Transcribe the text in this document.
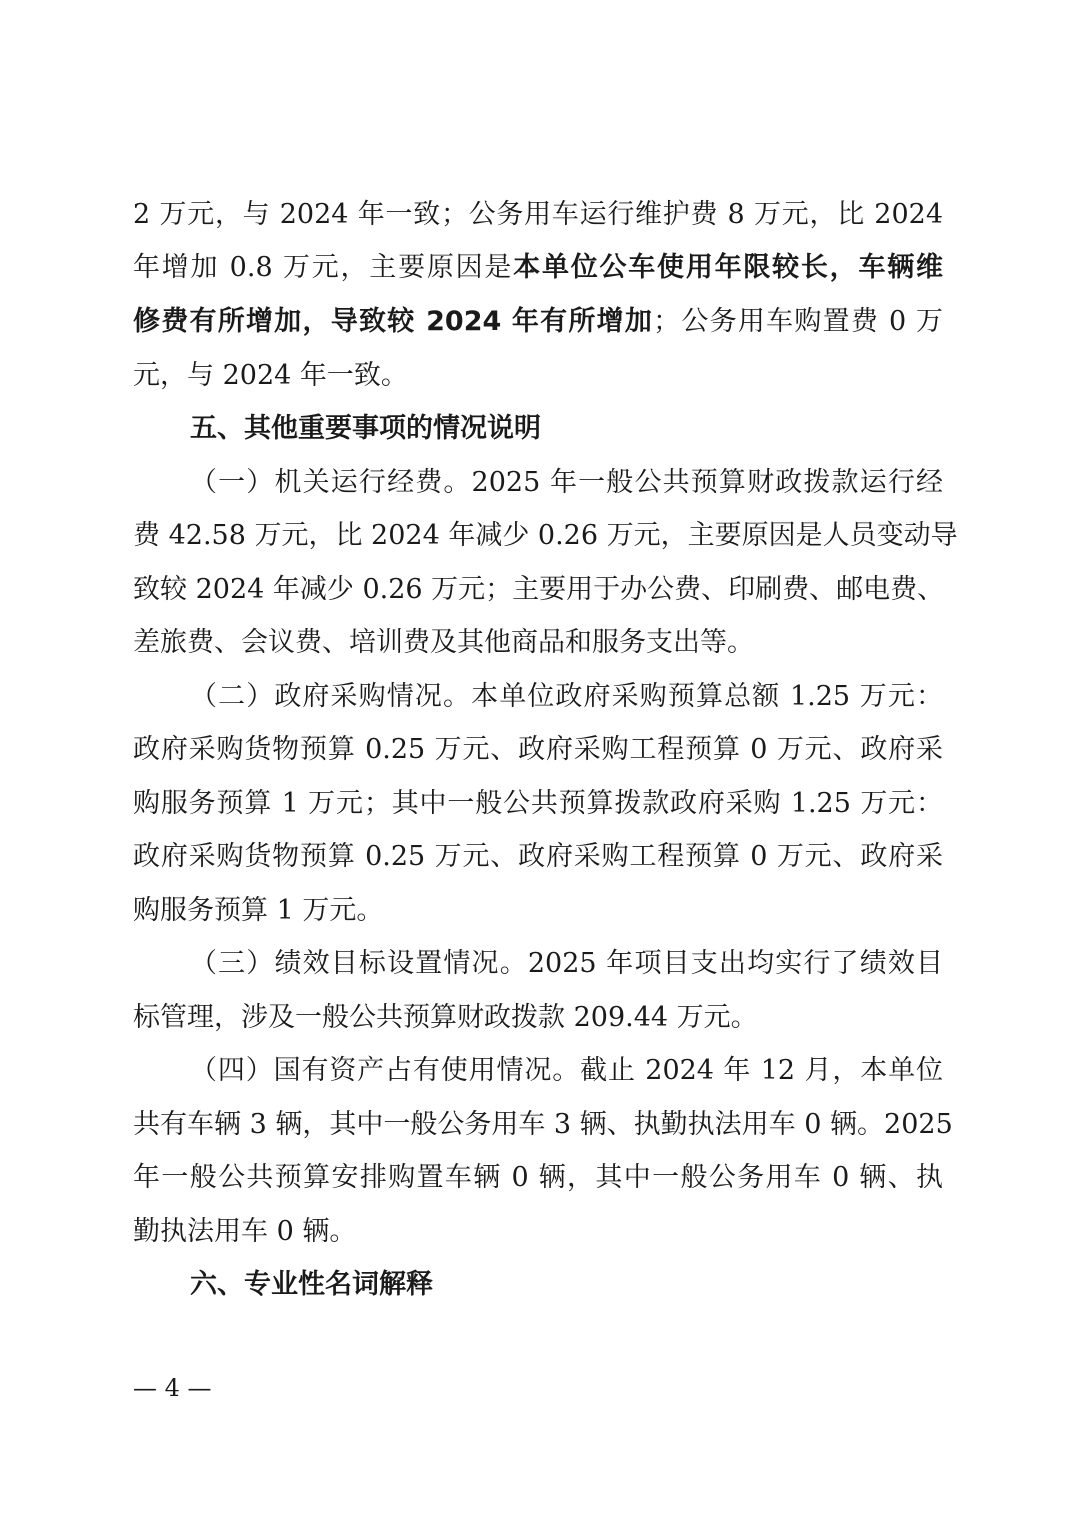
2 万元，与 2024 年一致；公务用车运行维护费 8 万元，比 2024
年增加 0.8 万元，主要原因是本单位公车使用年限较长，车辆维
修费有所增加，导致较 2024 年有所增加；公务用车购置费 0 万
元，与 2024 年一致。
五、其他重要事项的情况说明
（一）机关运行经费。2025 年一般公共预算财政拨款运行经
费 42.58 万元，比 2024 年减少 0.26 万元，主要原因是人员变动导
致较 2024 年减少 0.26 万元；主要用于办公费、印刷费、邮电费、
差旅费、会议费、培训费及其他商品和服务支出等。
（二）政府采购情况。本单位政府采购预算总额 1.25 万元：
政府采购货物预算 0.25 万元、政府采购工程预算 0 万元、政府采
购服务预算 1 万元；其中一般公共预算拨款政府采购 1.25 万元：
政府采购货物预算 0.25 万元、政府采购工程预算 0 万元、政府采
购服务预算 1 万元。
（三）绩效目标设置情况。2025 年项目支出均实行了绩效目
标管理，涉及一般公共预算财政拨款 209.44 万元。
（四）国有资产占有使用情况。截止 2024 年 12 月，本单位
共有车辆 3 辆，其中一般公务用车 3 辆、执勤执法用车 0 辆。2025
年一般公共预算安排购置车辆 0 辆，其中一般公务用车 0 辆、执
勤执法用车 0 辆。
六、专业性名词解释
— 4 —
